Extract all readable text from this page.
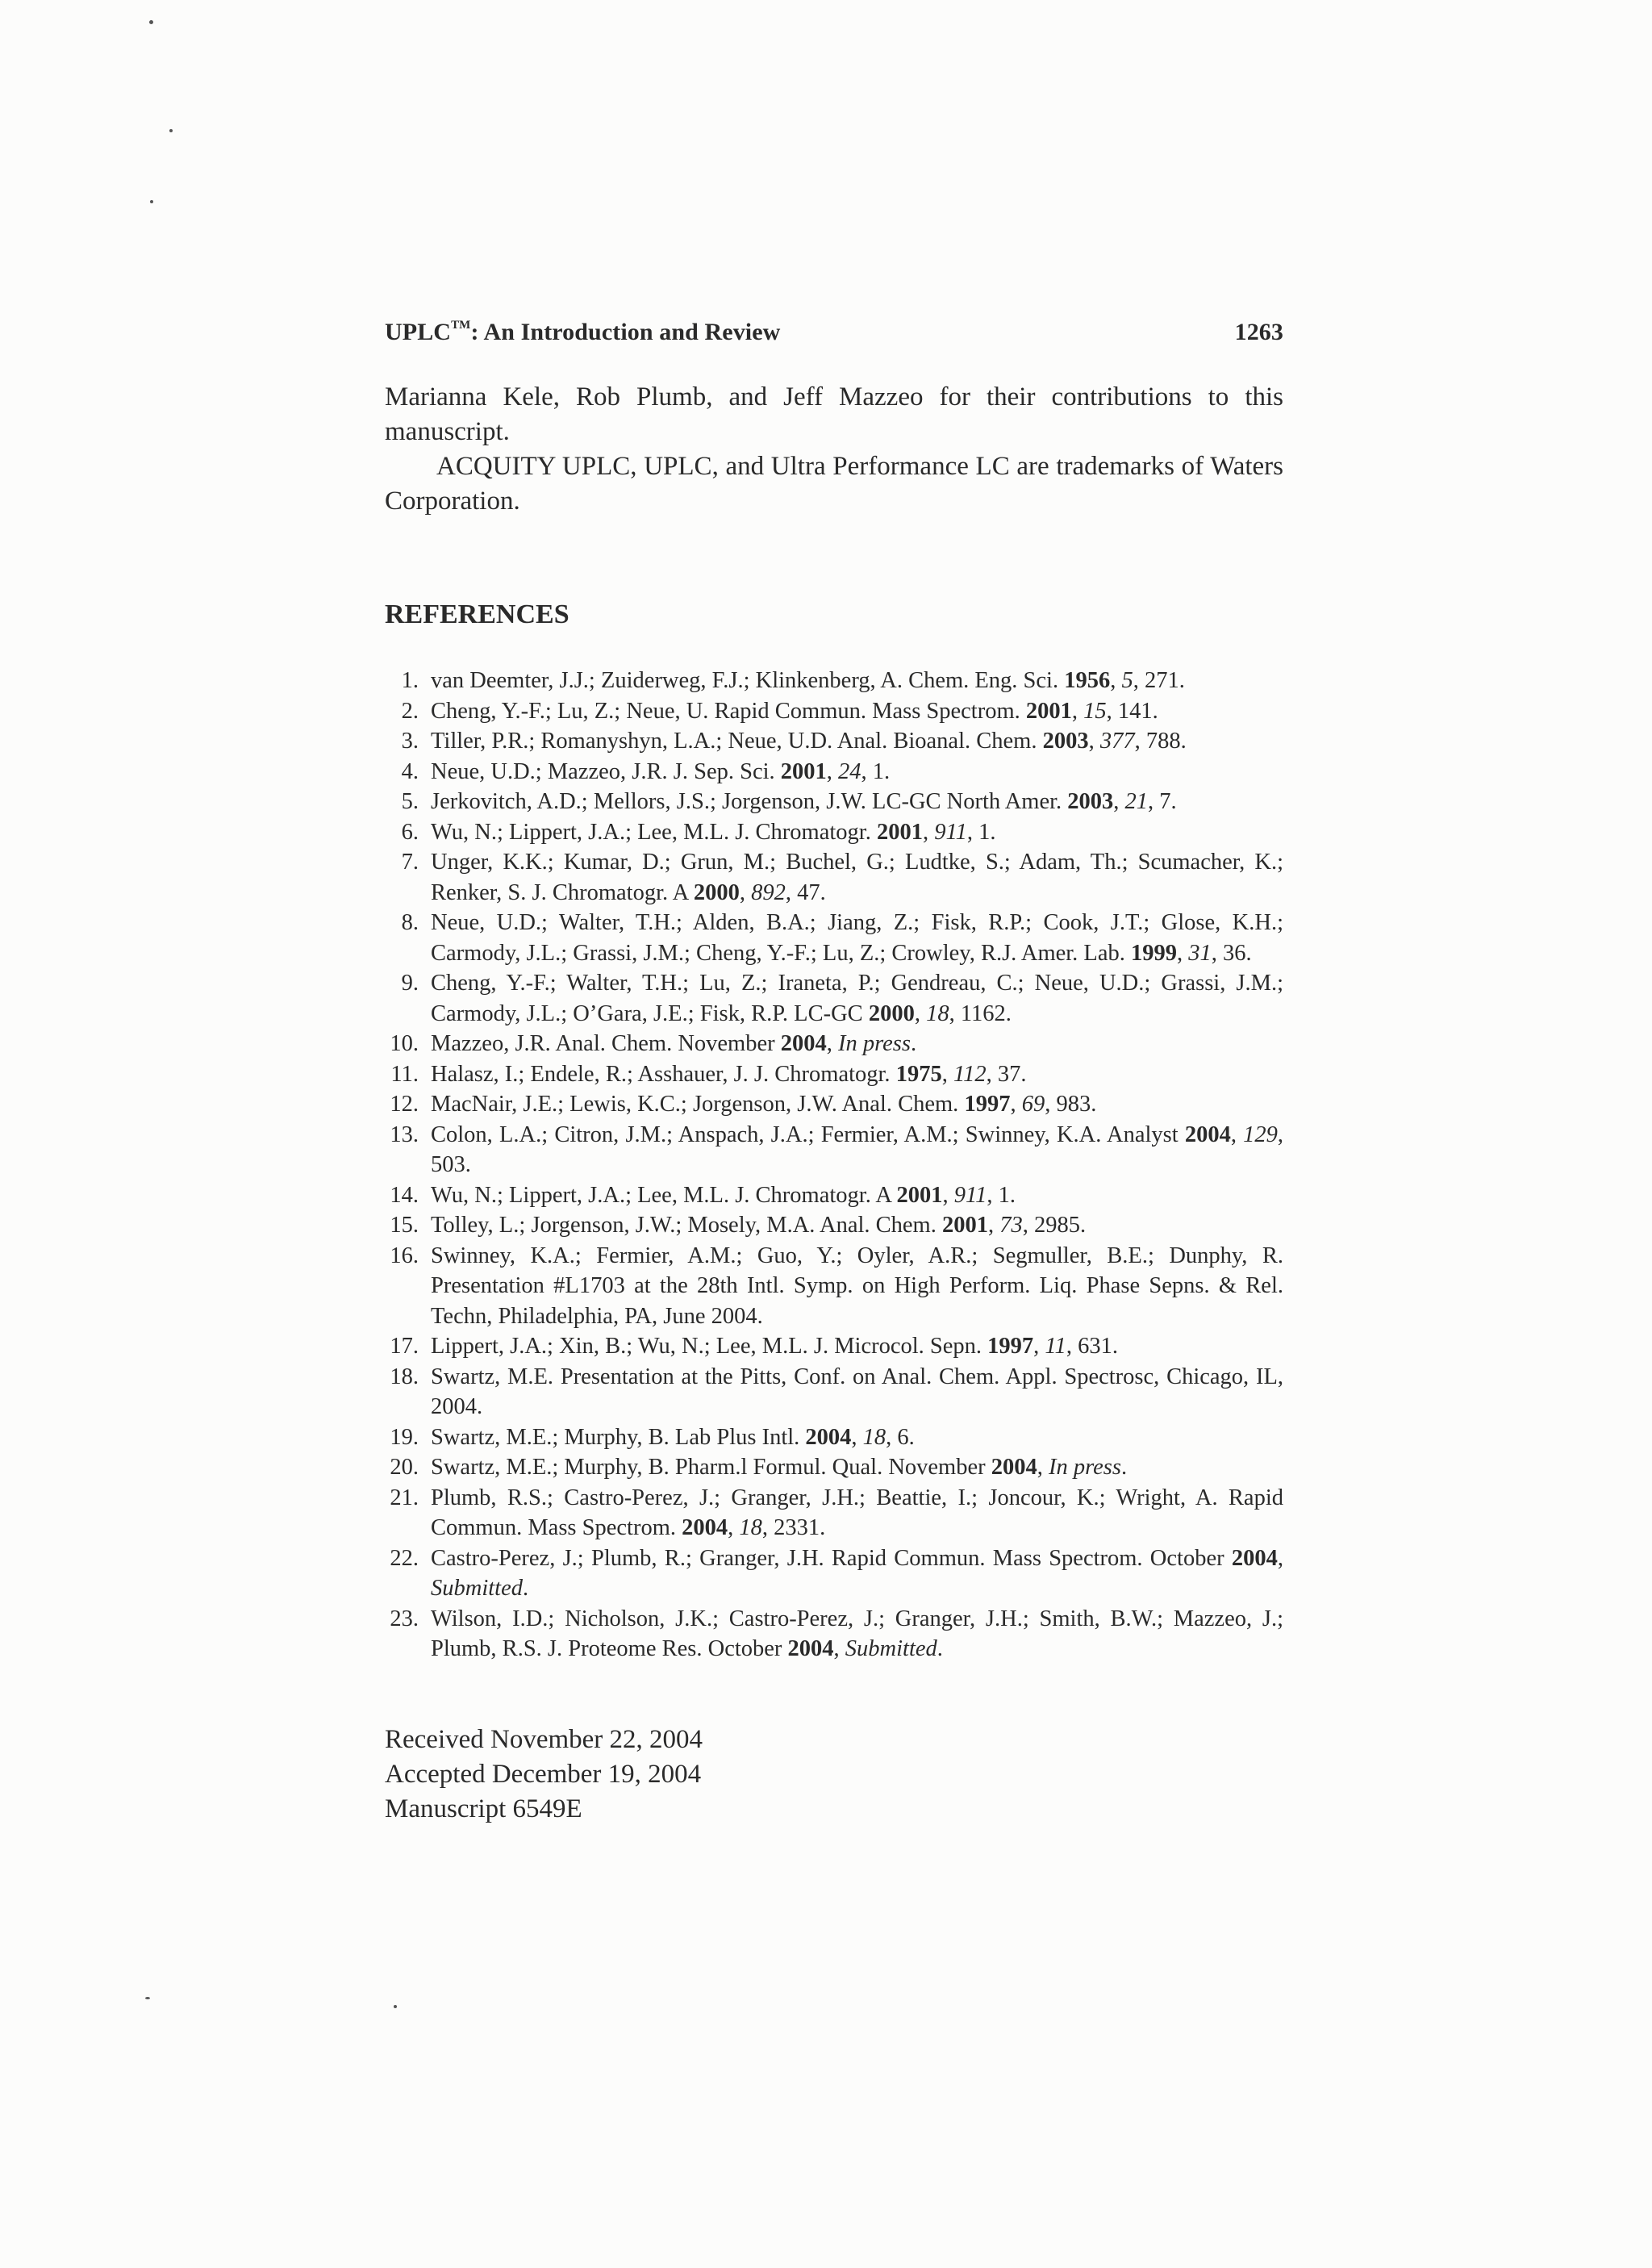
UPLC™: An Introduction and Review	1263

Marianna Kele, Rob Plumb, and Jeff Mazzeo for their contributions to this manuscript.

ACQUITY UPLC, UPLC, and Ultra Performance LC are trademarks of Waters Corporation.

REFERENCES
1. van Deemter, J.J.; Zuiderweg, F.J.; Klinkenberg, A. Chem. Eng. Sci. 1956, 5, 271.
2. Cheng, Y.-F.; Lu, Z.; Neue, U. Rapid Commun. Mass Spectrom. 2001, 15, 141.
3. Tiller, P.R.; Romanyshyn, L.A.; Neue, U.D. Anal. Bioanal. Chem. 2003, 377, 788.
4. Neue, U.D.; Mazzeo, J.R. J. Sep. Sci. 2001, 24, 1.
5. Jerkovitch, A.D.; Mellors, J.S.; Jorgenson, J.W. LC-GC North Amer. 2003, 21, 7.
6. Wu, N.; Lippert, J.A.; Lee, M.L. J. Chromatogr. 2001, 911, 1.
7. Unger, K.K.; Kumar, D.; Grun, M.; Buchel, G.; Ludtke, S.; Adam, Th.; Scumacher, K.; Renker, S. J. Chromatogr. A 2000, 892, 47.
8. Neue, U.D.; Walter, T.H.; Alden, B.A.; Jiang, Z.; Fisk, R.P.; Cook, J.T.; Glose, K.H.; Carmody, J.L.; Grassi, J.M.; Cheng, Y.-F.; Lu, Z.; Crowley, R.J. Amer. Lab. 1999, 31, 36.
9. Cheng, Y.-F.; Walter, T.H.; Lu, Z.; Iraneta, P.; Gendreau, C.; Neue, U.D.; Grassi, J.M.; Carmody, J.L.; O’Gara, J.E.; Fisk, R.P. LC-GC 2000, 18, 1162.
10. Mazzeo, J.R. Anal. Chem. November 2004, In press.
11. Halasz, I.; Endele, R.; Asshauer, J. J. Chromatogr. 1975, 112, 37.
12. MacNair, J.E.; Lewis, K.C.; Jorgenson, J.W. Anal. Chem. 1997, 69, 983.
13. Colon, L.A.; Citron, J.M.; Anspach, J.A.; Fermier, A.M.; Swinney, K.A. Analyst 2004, 129, 503.
14. Wu, N.; Lippert, J.A.; Lee, M.L. J. Chromatogr. A 2001, 911, 1.
15. Tolley, L.; Jorgenson, J.W.; Mosely, M.A. Anal. Chem. 2001, 73, 2985.
16. Swinney, K.A.; Fermier, A.M.; Guo, Y.; Oyler, A.R.; Segmuller, B.E.; Dunphy, R. Presentation #L1703 at the 28th Intl. Symp. on High Perform. Liq. Phase Sepns. & Rel. Techn, Philadelphia, PA, June 2004.
17. Lippert, J.A.; Xin, B.; Wu, N.; Lee, M.L. J. Microcol. Sepn. 1997, 11, 631.
18. Swartz, M.E. Presentation at the Pitts, Conf. on Anal. Chem. Appl. Spectrosc, Chicago, IL, 2004.
19. Swartz, M.E.; Murphy, B. Lab Plus Intl. 2004, 18, 6.
20. Swartz, M.E.; Murphy, B. Pharm.l Formul. Qual. November 2004, In press.
21. Plumb, R.S.; Castro-Perez, J.; Granger, J.H.; Beattie, I.; Joncour, K.; Wright, A. Rapid Commun. Mass Spectrom. 2004, 18, 2331.
22. Castro-Perez, J.; Plumb, R.; Granger, J.H. Rapid Commun. Mass Spectrom. October 2004, Submitted.
23. Wilson, I.D.; Nicholson, J.K.; Castro-Perez, J.; Granger, J.H.; Smith, B.W.; Mazzeo, J.; Plumb, R.S. J. Proteome Res. October 2004, Submitted.
Received November 22, 2004
Accepted December 19, 2004
Manuscript 6549E
